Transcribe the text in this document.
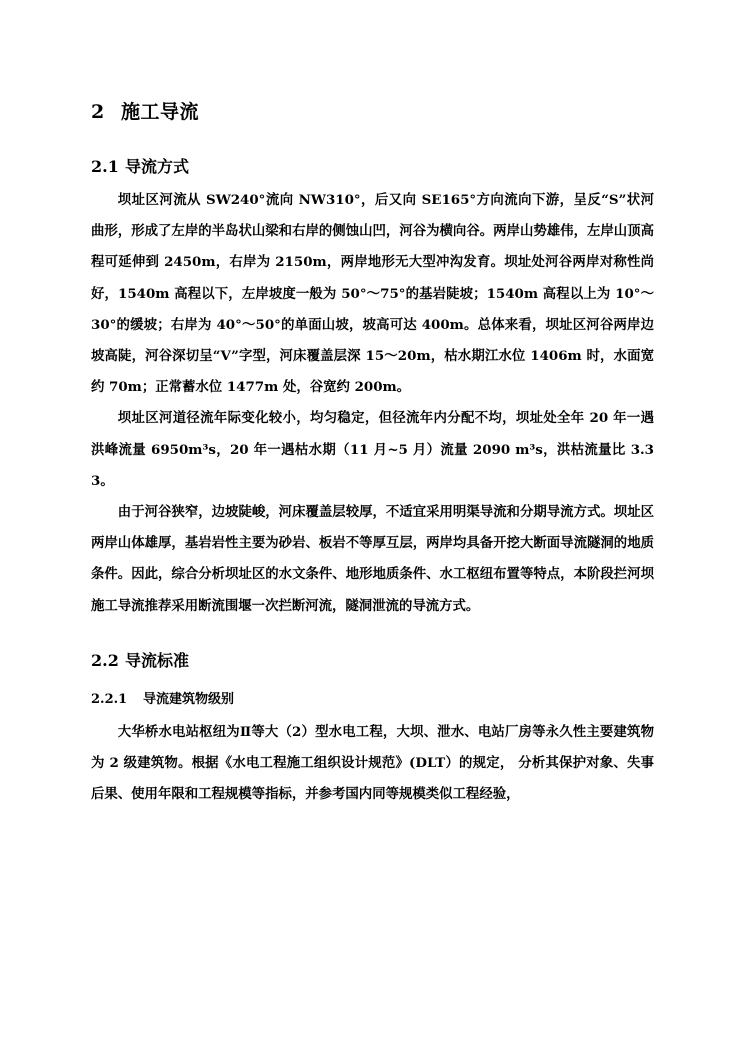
2 施工导流
2.1 导流方式

坝址区河流从 SW240°流向 NW310°，后又向 SE165°方向流向下游，呈反“S”状河曲形，形成了左岸的半岛状山梁和右岸的侧蚀山凹，河谷为横向谷。两岸山势雄伟，左岸山顶高程可延伸到 2450m，右岸为 2150m，两岸地形无大型冲沟发育。坝址处河谷两岸对称性尚好，1540m 高程以下，左岸坡度一般为 50°～75°的基岩陡坡；1540m 高程以上为 10°～30°的缓坡；右岸为 40°～50°的单面山坡，坡高可达 400m。总体来看，坝址区河谷两岸边坡高陡，河谷深切呈“V”字型，河床覆盖层深 15～20m，枯水期江水位 1406m 时，水面宽约 70m；正常蓄水位 1477m 处，谷宽约 200m。

坝址区河道径流年际变化较小，均匀稳定，但径流年内分配不均，坝址处全年 20 年一遇洪峰流量 6950m³s，20 年一遇枯水期（11 月~5 月）流量 2090 m³s，洪枯流量比 3.33。

由于河谷狭窄，边坡陡峻，河床覆盖层较厚，不适宜采用明渠导流和分期导流方式。坝址区两岸山体雄厚，基岩岩性主要为砂岩、板岩不等厚互层，两岸均具备开挖大断面导流隧洞的地质条件。因此，综合分析坝址区的水文条件、地形地质条件、水工枢纽布置等特点，本阶段拦河坝施工导流推荐采用断流围堰一次拦断河流，隧洞泄流的导流方式。

2.2 导流标准
2.2.1 导流建筑物级别

大华桥水电站枢纽为Ⅱ等大（2）型水电工程，大坝、泄水、电站厂房等永久性主要建筑物为 2 级建筑物。根据《水电工程施工组织设计规范》(DLT）的规定， 分析其保护对象、失事后果、使用年限和工程规模等指标，并参考国内同等规模类似工程经验，
